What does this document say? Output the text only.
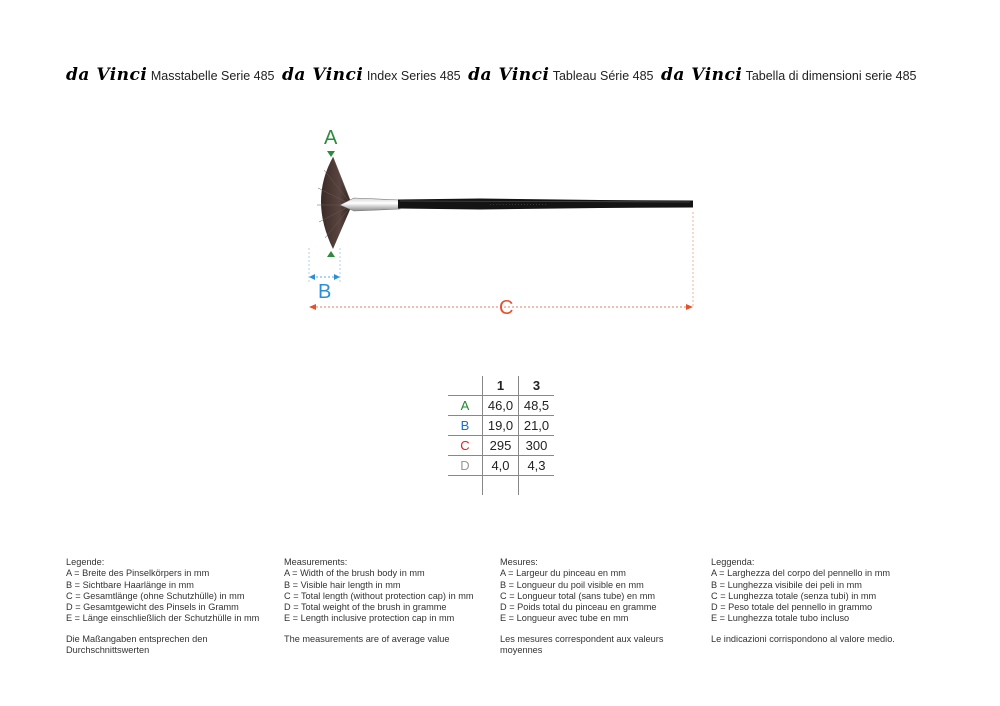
da Vinci Masstabelle Serie 485 da Vinci Index Series 485 da Vinci Tableau Série 485 da Vinci Tabella di dimensioni serie 485
· · · · · · · · · · · · · · · · · · ·
A
B
C
	1	3
A	46,0	48,5
B	19,0	21,0
C	295	300
D	4,0	4,3

Legende:

A = Breite des Pinselkörpers in mm

B = Sichtbare Haarlänge in mm

C = Gesamtlänge (ohne Schutzhülle) in mm

D = Gesamtgewicht des Pinsels in Gramm

E = Länge einschließlich der Schutzhülle in mm

Die Maßangaben entsprechen den

Durchschnittswerten

Measurements:

A = Width of the brush body in mm

B = Visible hair length in mm

C = Total length (without protection cap) in mm

D = Total weight of the brush in gramme

E = Length inclusive protection cap in mm

The measurements are of average value

Mesures:

A = Largeur du pinceau en mm

B = Longueur du poil visible en mm

C = Longueur total (sans tube) en mm

D = Poids total du pinceau en gramme

E = Longueur avec tube en mm

Les mesures correspondent aux valeurs

moyennes

Leggenda:

A = Larghezza del corpo del pennello in mm

B = Lunghezza visibile dei peli in mm

C = Lunghezza totale (senza tubi) in mm

D = Peso totale del pennello in grammo

E = Lunghezza totale tubo incluso

Le indicazioni corrispondono al valore medio.
